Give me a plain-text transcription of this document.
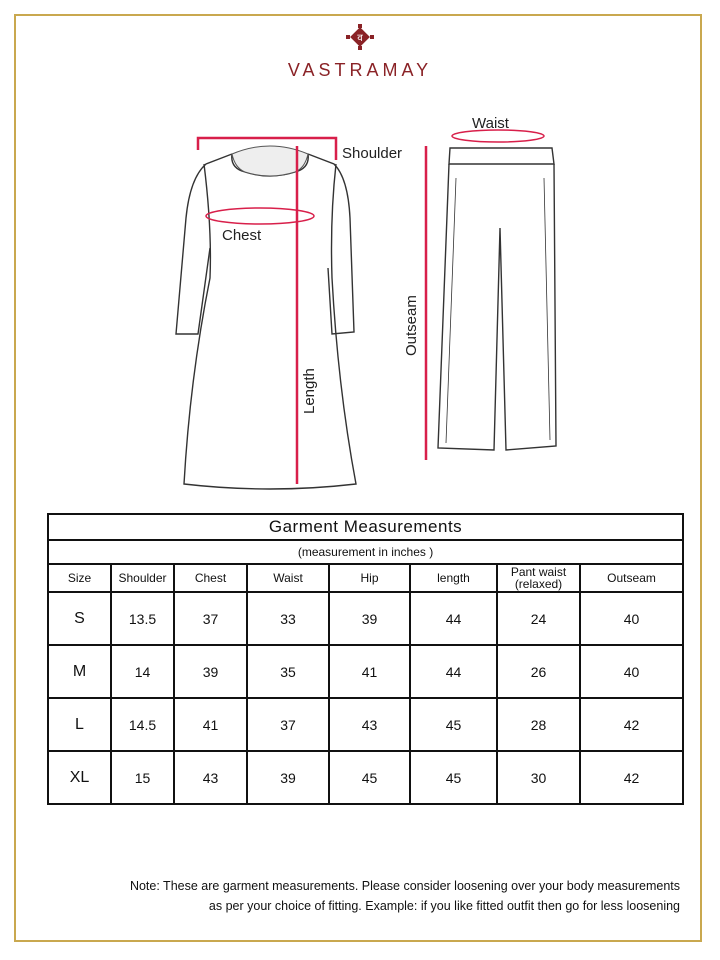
व
VASTRAMAY
Shoulder
Chest
Length
Waist
Outseam
Garment Measurements							
(measurement in inches )							
Size	Shoulder	Chest	Waist	Hip	length	Pant waist (relaxed)	Outseam
S	13.5	37	33	39	44	24	40
M	14	39	35	41	44	26	40
L	14.5	41	37	43	45	28	42
XL	15	43	39	45	45	30	42
Note: These are garment measurements. Please consider loosening over your body measurements
as per your choice of fitting. Example: if you like fitted outfit then go for less loosening
